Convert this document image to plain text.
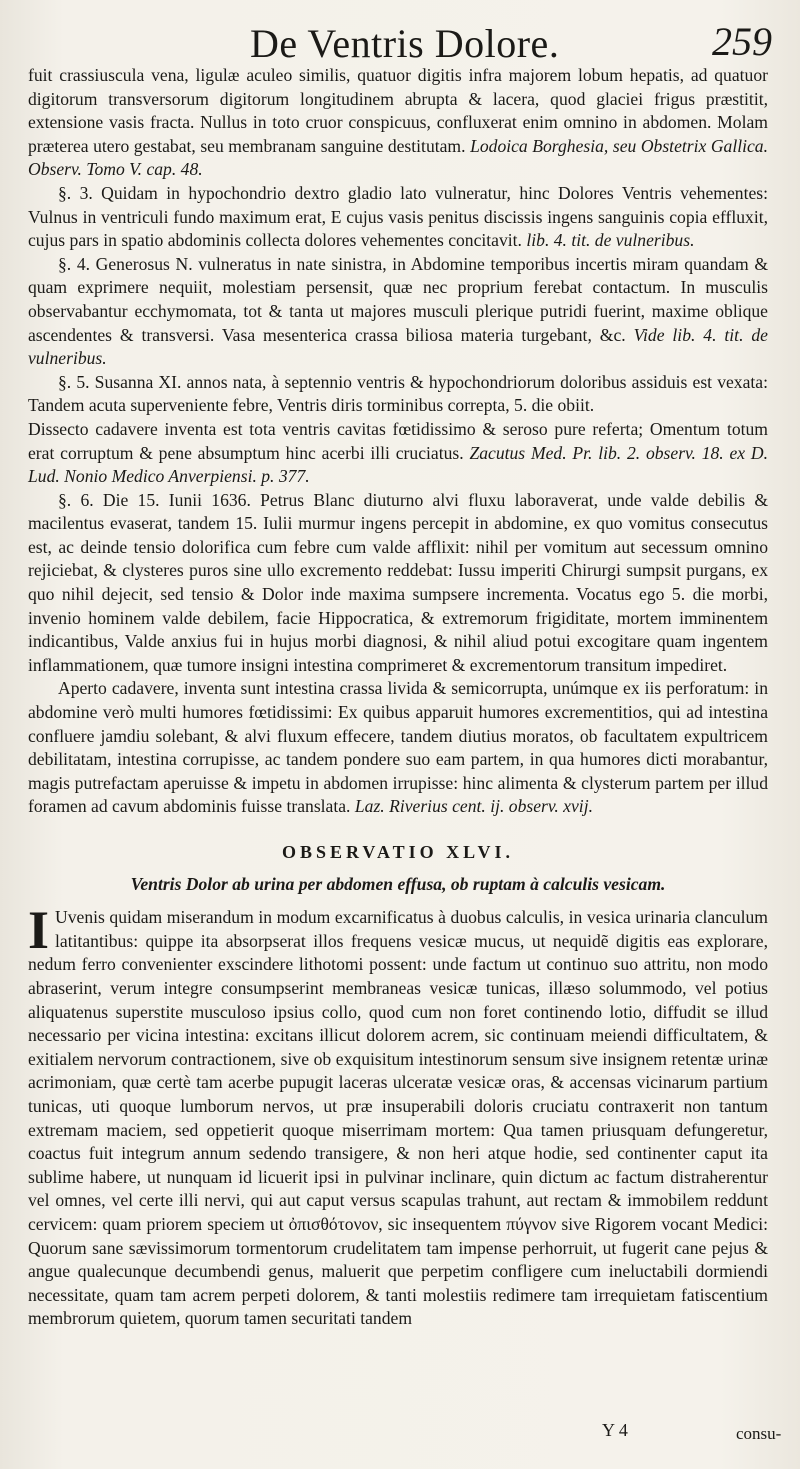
De Ventris Dolore.	259

fuit crassiuscula vena, ligulæ aculeo similis, quatuor digitis infra majorem lobum hepatis, ad quatuor digitorum transversorum digitorum longitudinem abrupta & lacera, quod glaciei frigus præstitit, extensione vasis fracta. Nullus in toto cruor conspicuus, confluxerat enim omnino in abdomen. Molam præterea utero gestabat, seu membranam sanguine destitutam. Lodoica Borghesia, seu Obstetrix Gallica. Observ. Tomo V. cap. 48.

§. 3. Quidam in hypochondrio dextro gladio lato vulneratur, hinc Dolores Ventris vehementes: Vulnus in ventriculi fundo maximum erat, E cujus vasis penitus discissis ingens sanguinis copia effluxit, cujus pars in spatio abdominis collecta dolores vehementes concitavit. lib. 4. tit. de vulneribus.

§. 4. Generosus N. vulneratus in nate sinistra, in Abdomine temporibus incertis miram quandam & quam exprimere nequiit, molestiam persensit, quæ nec proprium ferebat contactum. In musculis observabantur ecchymomata, tot & tanta ut majores musculi plerique putridi fuerint, maxime oblique ascendentes & transversi. Vasa mesenterica crassa biliosa materia turgebant, &c. Vide lib. 4. tit. de vulneribus.

§. 5. Susanna XI. annos nata, à septennio ventris & hypochondriorum doloribus assiduis est vexata: Tandem acuta superveniente febre, Ventris diris torminibus correpta, 5. die obiit.

Dissecto cadavere inventa est tota ventris cavitas fœtidissimo & seroso pure referta; Omentum totum erat corruptum & pene absumptum hinc acerbi illi cruciatus. Zacutus Med. Pr. lib. 2. observ. 18. ex D. Lud. Nonio Medico Anverpiensi. p. 377.

§. 6. Die 15. Iunii 1636. Petrus Blanc diuturno alvi fluxu laboraverat, unde valde debilis & macilentus evaserat, tandem 15. Iulii murmur ingens percepit in abdomine, ex quo vomitus consecutus est, ac deinde tensio dolorifica cum febre cum valde afflixit: nihil per vomitum aut secessum omnino rejiciebat, & clysteres puros sine ullo excremento reddebat: Iussu imperiti Chirurgi sumpsit purgans, ex quo nihil dejecit, sed tensio & Dolor inde maxima sumpsere incrementa. Vocatus ego 5. die morbi, invenio hominem valde debilem, facie Hippocratica, & extremorum frigiditate, mortem imminentem indicantibus, Valde anxius fui in hujus morbi diagnosi, & nihil aliud potui excogitare quam ingentem inflammationem, quæ tumore insigni intestina comprimeret & excrementorum transitum impediret.

Aperto cadavere, inventa sunt intestina crassa livida & semicorrupta, unúmque ex iis perforatum: in abdomine verò multi humores fœtidissimi: Ex quibus apparuit humores excrementitios, qui ad intestina confluere jamdiu solebant, & alvi fluxum effecere, tandem diutius moratos, ob facultatem expultricem debilitatam, intestina corrupisse, ac tandem pondere suo eam partem, in qua humores dicti morabantur, magis putrefactam aperuisse & impetu in abdomen irrupisse: hinc alimenta & clysterum partem per illud foramen ad cavum abdominis fuisse translata. Laz. Riverius cent. ij. observ. xvij.

OBSERVATIO XLVI.
Ventris Dolor ab urina per abdomen effusa, ob ruptam à calculis vesicam.

I Uvenis quidam miserandum in modum excarnificatus à duobus calculis, in vesica urinaria clanculum latitantibus: quippe ita absorpserat illos frequens vesicæ mucus, ut nequidẽ digitis eas explorare, nedum ferro convenienter exscindere lithotomi possent: unde factum ut continuo suo attritu, non modo abraserint, verum integre consumpserint membraneas vesicæ tunicas, illæso solummodo, vel potius aliquatenus superstite musculoso ipsius collo, quod cum non foret continendo lotio, diffudit se illud necessario per vicina intestina: excitans illicut dolorem acrem, sic continuam meiendi difficultatem, & exitialem nervorum contractionem, sive ob exquisitum intestinorum sensum sive insignem retentæ urinæ acrimoniam, quæ certè tam acerbe pupugit laceras ulceratæ vesicæ oras, & accensas vicinarum partium tunicas, uti quoque lumborum nervos, ut præ insuperabili doloris cruciatu contraxerit non tantum extremam maciem, sed oppetierit quoque miserrimam mortem: Qua tamen priusquam defungeretur, coactus fuit integrum annum sedendo transigere, & non heri atque hodie, sed continenter caput ita sublime habere, ut nunquam id licuerit ipsi in pulvinar inclinare, quin dictum ac factum distraherentur vel omnes, vel certe illi nervi, qui aut caput versus scapulas trahunt, aut rectam & immobilem reddunt cervicem: quam priorem speciem ut ὀπισθότονον, sic insequentem πύγνον sive Rigorem vocant Medici: Quorum sane sævissimorum tormentorum crudelitatem tam impense perhorruit, ut fugerit cane pejus & angue qualecunque decumbendi genus, maluerit que perpetim confligere cum ineluctabili dormiendi necessitate, quam tam acrem perpeti dolorem, & tanti molestiis redimere tam irrequietam fatiscentium membrorum quietem, quorum tamen securitati tandem

Y 4	consu-
